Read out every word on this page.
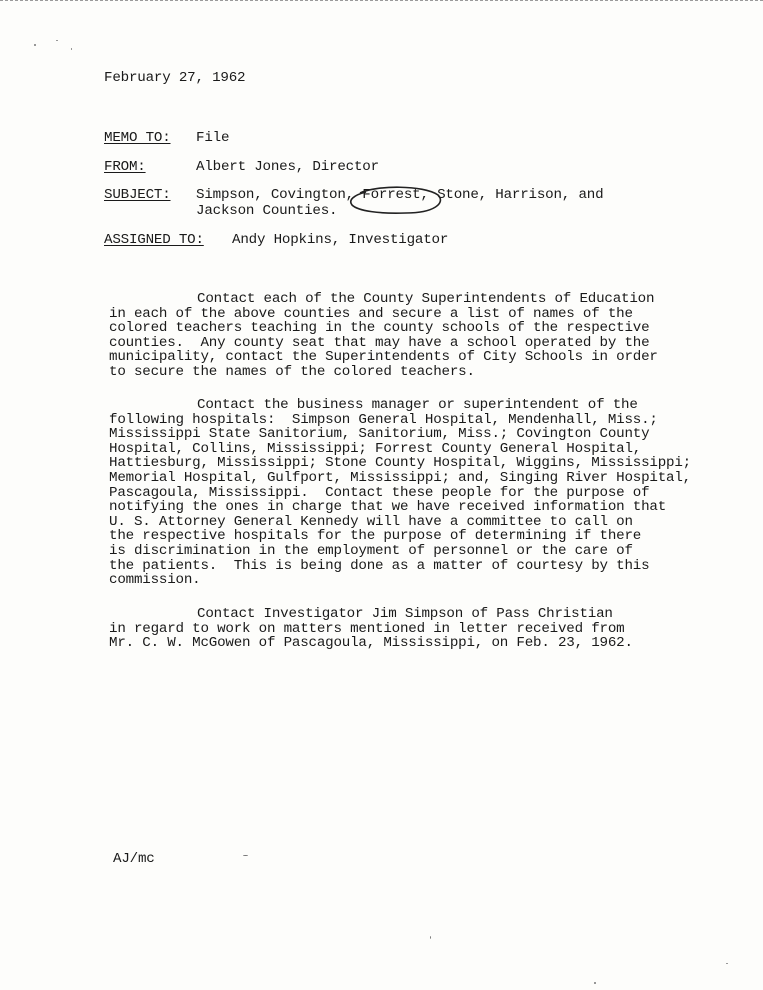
February 27, 1962
MEMO TO: File
FROM:	Albert Jones, Director
SUBJECT: Simpson, Covington, Forrest, Stone, Harrison, and
Jackson Counties.
ASSIGNED TO: Andy Hopkins, Investigator
Contact each of the County Superintendents of Education
in each of the above counties and secure a list of names of the
colored teachers teaching in the county schools of the respective
counties.  Any county seat that may have a school operated by the
municipality, contact the Superintendents of City Schools in order
to secure the names of the colored teachers.
Contact the business manager or superintendent of the
following hospitals:  Simpson General Hospital, Mendenhall, Miss.;
Mississippi State Sanitorium, Sanitorium, Miss.; Covington County
Hospital, Collins, Mississippi; Forrest County General Hospital,
Hattiesburg, Mississippi; Stone County Hospital, Wiggins, Mississippi;
Memorial Hospital, Gulfport, Mississippi; and, Singing River Hospital,
Pascagoula, Mississippi.  Contact these people for the purpose of
notifying the ones in charge that we have received information that
U. S. Attorney General Kennedy will have a committee to call on
the respective hospitals for the purpose of determining if there
is discrimination in the employment of personnel or the care of
the patients.  This is being done as a matter of courtesy by this
commission.
Contact Investigator Jim Simpson of Pass Christian
in regard to work on matters mentioned in letter received from
Mr. C. W. McGowen of Pascagoula, Mississippi, on Feb. 23, 1962.
AJ/mc
